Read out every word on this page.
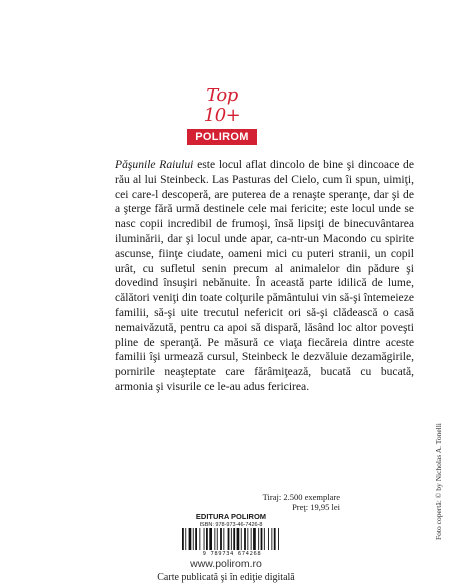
Top 10+
POLIROM

Păşunile Raiului este locul aflat dincolo de bine şi dincoace de rău al lui Steinbeck. Las Pasturas del Cielo, cum îi spun, uimiţi, cei care-l descoperă, are puterea de a renaşte speranţe, dar şi de a şterge fără urmă destinele cele mai fericite; este locul unde se nasc copii incredibil de frumoşi, însă lipsiţi de binecuvântarea iluminării, dar şi locul unde apar, ca-ntr-un Macondo cu spirite ascunse, fiinţe ciudate, oameni mici cu puteri stranii, un copil urât, cu sufletul senin precum al animalelor din pădure şi dovedind însuşiri nebănuite. În această parte idilică de lume, călători veniţi din toate colţurile pământului vin să-şi întemeieze familii, să-şi uite trecutul nefericit ori să-şi clădească o casă nemaivăzută, pentru ca apoi să dispară, lăsând loc altor poveşti pline de speranţă. Pe măsură ce viaţa fiecăreia dintre aceste familii îşi urmează cursul, Steinbeck le dezvăluie dezamăgirile, pornirile neaşteptate care fărâmiţează, bucată cu bucată, armonia şi visurile ce le-au adus fericirea.

Tiraj: 2.500 exemplare
Preţ: 19,95 lei
EDITURA POLIROM
ISBN: 978-973-46-7426-8
9 789734 674268
www.polirom.ro
Carte publicată şi în ediţie digitală
Foto copertă: © by Nicholas A. Tonelli
